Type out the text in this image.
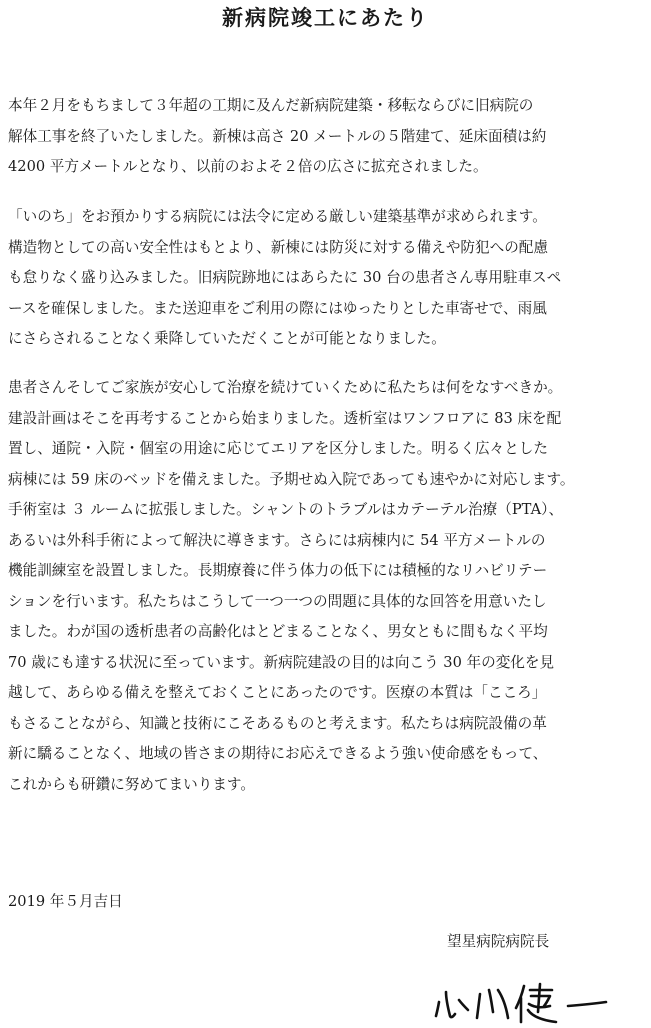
新病院竣工にあたり
本年２月をもちまして３年超の工期に及んだ新病院建築・移転ならびに旧病院の
解体工事を終了いたしました。新棟は高さ 20 メートルの５階建て、延床面積は約
4200 平方メートルとなり、以前のおよそ２倍の広さに拡充されました。
「いのち」をお預かりする病院には法令に定める厳しい建築基準が求められます。
構造物としての高い安全性はもとより、新棟には防災に対する備えや防犯への配慮
も怠りなく盛り込みました。旧病院跡地にはあらたに 30 台の患者さん専用駐車スペ
ースを確保しました。また送迎車をご利用の際にはゆったりとした車寄せで、雨風
にさらされることなく乗降していただくことが可能となりました。
患者さんそしてご家族が安心して治療を続けていくために私たちは何をなすべきか。
建設計画はそこを再考することから始まりました。透析室はワンフロアに 83 床を配
置し、通院・入院・個室の用途に応じてエリアを区分しました。明るく広々とした
病棟には 59 床のベッドを備えました。予期せぬ入院であっても速やかに対応します。
手術室は ３ ルームに拡張しました。シャントのトラブルはカテーテル治療（PTA）、
あるいは外科手術によって解決に導きます。さらには病棟内に 54 平方メートルの
機能訓練室を設置しました。長期療養に伴う体力の低下には積極的なリハビリテー
ションを行います。私たちはこうして一つ一つの問題に具体的な回答を用意いたし
ました。わが国の透析患者の高齢化はとどまることなく、男女ともに間もなく平均
70 歳にも達する状況に至っています。新病院建設の目的は向こう 30 年の変化を見
越して、あらゆる備えを整えておくことにあったのです。医療の本質は「こころ」
もさることながら、知識と技術にこそあるものと考えます。私たちは病院設備の革
新に驕ることなく、地域の皆さまの期待にお応えできるよう強い使命感をもって、
これからも研鑽に努めてまいります。
2019 年５月吉日
望星病院病院長
